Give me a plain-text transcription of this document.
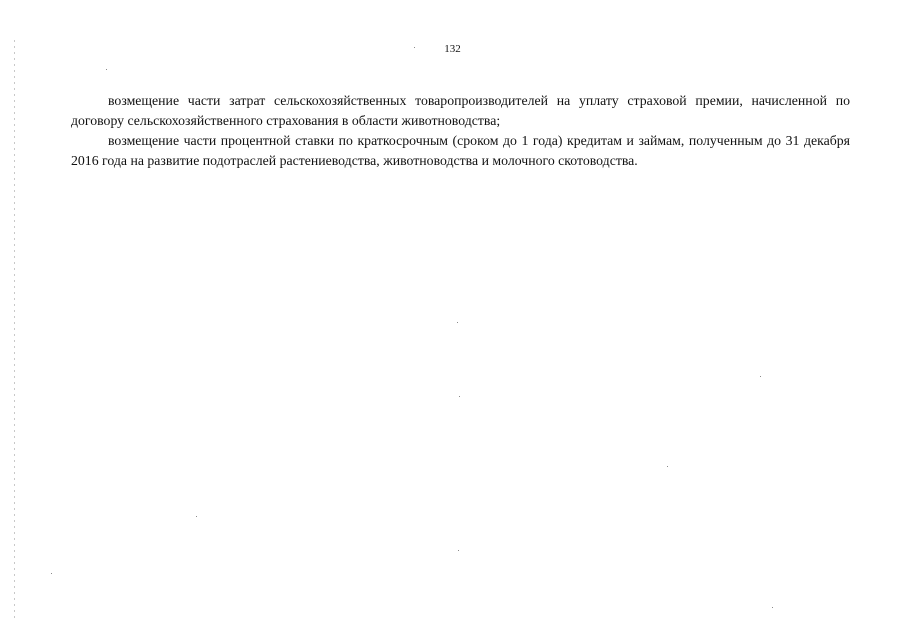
132

возмещение части затрат сельскохозяйственных товаропроизводителей на уплату страховой премии, начисленной по договору сельскохозяйственного страхования в области животноводства;

возмещение части процентной ставки по краткосрочным (сроком до 1 года) кредитам и займам, полученным до 31 декабря 2016 года на развитие подотраслей растениеводства, животноводства и молочного скотоводства.
